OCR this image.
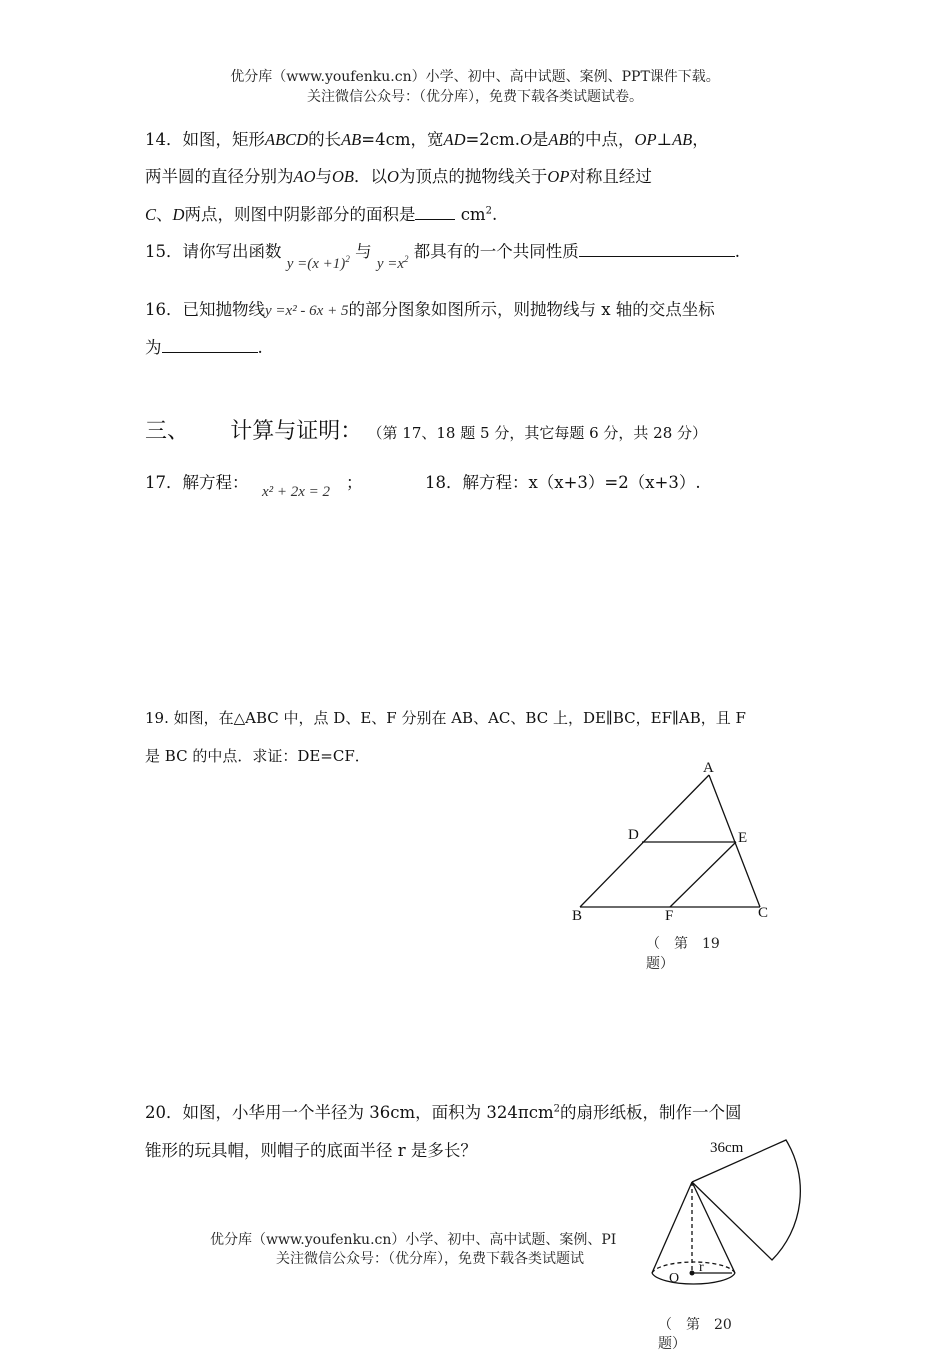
优分库（www.youfenku.cn）小学、初中、高中试题、案例、PPT课件下载。
关注微信公众号：（优分库），免费下载各类试题试卷。
14．如图，矩形ABCD的长AB=4cm，宽AD=2cm.O是AB的中点，OP⊥AB，
两半圆的直径分别为AO与OB．以O为顶点的抛物线关于OP对称且经过
C、D两点，则图中阴影部分的面积是	$cm^2$.
15．请你写出函数 $y =(x +1)^2$ 与 $y =x^2$ 都具有的一个共同性质	.
16．已知抛物线y =x² - 6x + 5的部分图象如图所示，则抛物线与 x 轴的交点坐标
为	.
三、 计算与证明： （第 17、18 题 5 分，其它每题 6 分，共 28 分）
17．解方程： x² + 2x = 2 ；	18．解方程：x（x+3）=2（x+3）.
19. 如图，在△ABC 中，点 D、E、F 分别在 AB、AC、BC 上，DE∥BC，EF∥AB，且 F
是 BC 的中点．求证：DE=CF．
A
D	E
B	F	C
（　第　19
题）
20．如图，小华用一个半径为 36cm，面积为 324πcm$^2$的扇形纸板，制作一个圆
锥形的玩具帽，则帽子的底面半径 r 是多长？
优分库（www.youfenku.cn）小学、初中、高中试题、案例、PI
关注微信公众号：（优分库），免费下载各类试题试
36cm
O
r
（　第　20
题）
